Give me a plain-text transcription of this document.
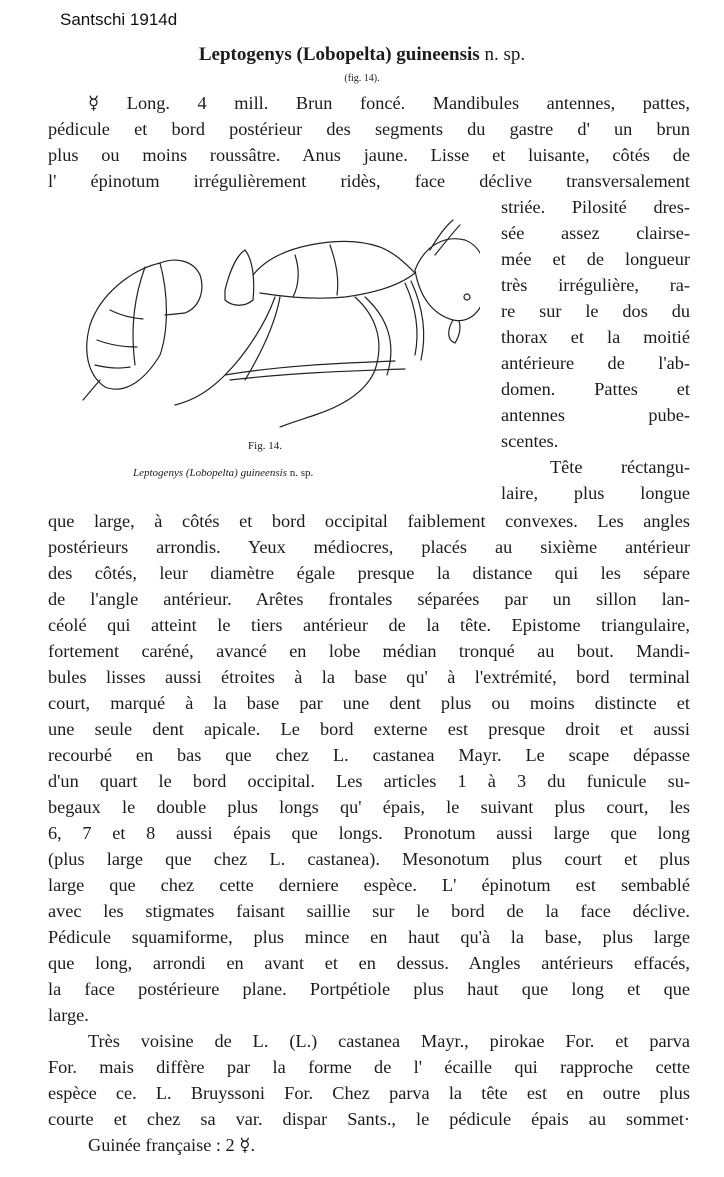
Santschi 1914d
Leptogenys (Lobopelta) guineensis n. sp.
(fig. 14).
☿ Long. 4 mill. Brun foncé. Mandibules antennes, pattes,
pédicule et bord postérieur des segments du gastre d' un brun
plus ou moins roussâtre. Anus jaune. Lisse et luisante, côtés de
l' épinotum irrégulièrement ridès, face déclive transversalement
striée. Pilosité dres-
sée assez clairse-
mée et de longueur
très irrégulière, ra-
re sur le dos du
thorax et la moitié
antérieure de l'ab-
domen. Pattes et
antennes pube-
scentes.
Tête réctangu-
laire, plus longue
Fig. 14.
Leptogenys (Lobopelta) guineensis n. sp.
que large, à côtés et bord occipital faiblement convexes. Les angles
postérieurs arrondis. Yeux médiocres, placés au sixième antérieur
des côtés, leur diamètre égale presque la distance qui les sépare
de l'angle antérieur. Arêtes frontales séparées par un sillon lan-
céolé qui atteint le tiers antérieur de la tête. Epistome triangulaire,
fortement caréné, avancé en lobe médian tronqué au bout. Mandi-
bules lisses aussi étroites à la base qu' à l'extrémité, bord terminal
court, marqué à la base par une dent plus ou moins distincte et
une seule dent apicale. Le bord externe est presque droit et aussi
recourbé en bas que chez L. castanea Mayr. Le scape dépasse
d'un quart le bord occipital. Les articles 1 à 3 du funicule su-
begaux le double plus longs qu' épais, le suivant plus court, les
6, 7 et 8 aussi épais que longs. Pronotum aussi large que long
(plus large que chez L. castanea). Mesonotum plus court et plus
large que chez cette derniere espèce. L' épinotum est sembablé
avec les stigmates faisant saillie sur le bord de la face déclive.
Pédicule squamiforme, plus mince en haut qu'à la base, plus large
que long, arrondi en avant et en dessus. Angles antérieurs effacés,
la face postérieure plane. Portpétiole plus haut que long et que
large.
Très voisine de L. (L.) castanea Mayr., pirokae For. et parva
For. mais diffère par la forme de l' écaille qui rapproche cette
espèce ce. L. Bruyssoni For. Chez parva la tête est en outre plus
courte et chez sa var. dispar Sants., le pédicule épais au sommet·
Guinée française : 2 ☿.
